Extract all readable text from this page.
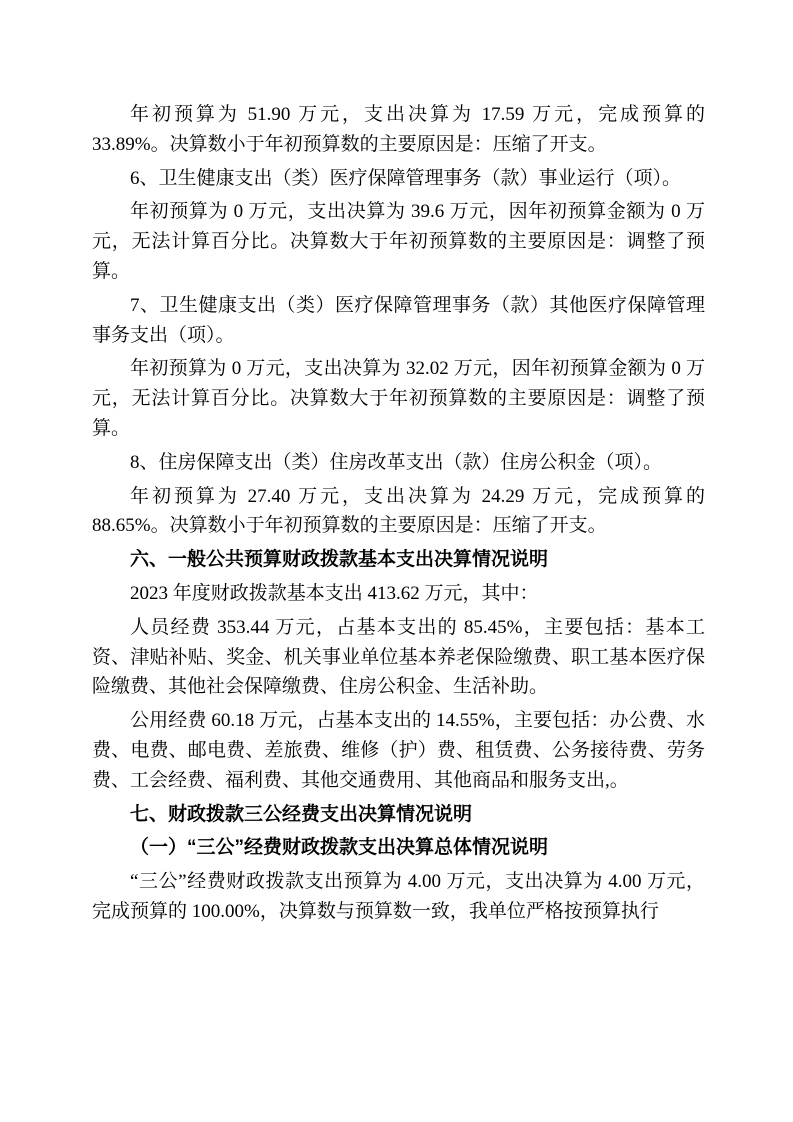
年初预算为 51.90 万元，支出决算为 17.59 万元，完成预算的 33.89%。决算数小于年初预算数的主要原因是：压缩了开支。

6、卫生健康支出（类）医疗保障管理事务（款）事业运行（项）。

年初预算为 0 万元，支出决算为 39.6 万元，因年初预算金额为 0 万元，无法计算百分比。决算数大于年初预算数的主要原因是：调整了预算。

7、卫生健康支出（类）医疗保障管理事务（款）其他医疗保障管理事务支出（项）。

年初预算为 0 万元，支出决算为 32.02 万元，因年初预算金额为 0 万元，无法计算百分比。决算数大于年初预算数的主要原因是：调整了预算。

8、住房保障支出（类）住房改革支出（款）住房公积金（项）。

年初预算为 27.40 万元，支出决算为 24.29 万元，完成预算的 88.65%。决算数小于年初预算数的主要原因是：压缩了开支。

六、一般公共预算财政拨款基本支出决算情况说明

2023 年度财政拨款基本支出 413.62 万元，其中：

人员经费 353.44 万元，占基本支出的 85.45%，主要包括：基本工资、津贴补贴、奖金、机关事业单位基本养老保险缴费、职工基本医疗保险缴费、其他社会保障缴费、住房公积金、生活补助。

公用经费 60.18 万元，占基本支出的 14.55%，主要包括：办公费、水费、电费、邮电费、差旅费、维修（护）费、租赁费、公务接待费、劳务费、工会经费、福利费、其他交通费用、其他商品和服务支出,。

七、财政拨款三公经费支出决算情况说明

（一）“三公”经费财政拨款支出决算总体情况说明

“三公”经费财政拨款支出预算为 4.00 万元，支出决算为 4.00 万元，完成预算的 100.00%，决算数与预算数一致，我单位严格按预算执行
